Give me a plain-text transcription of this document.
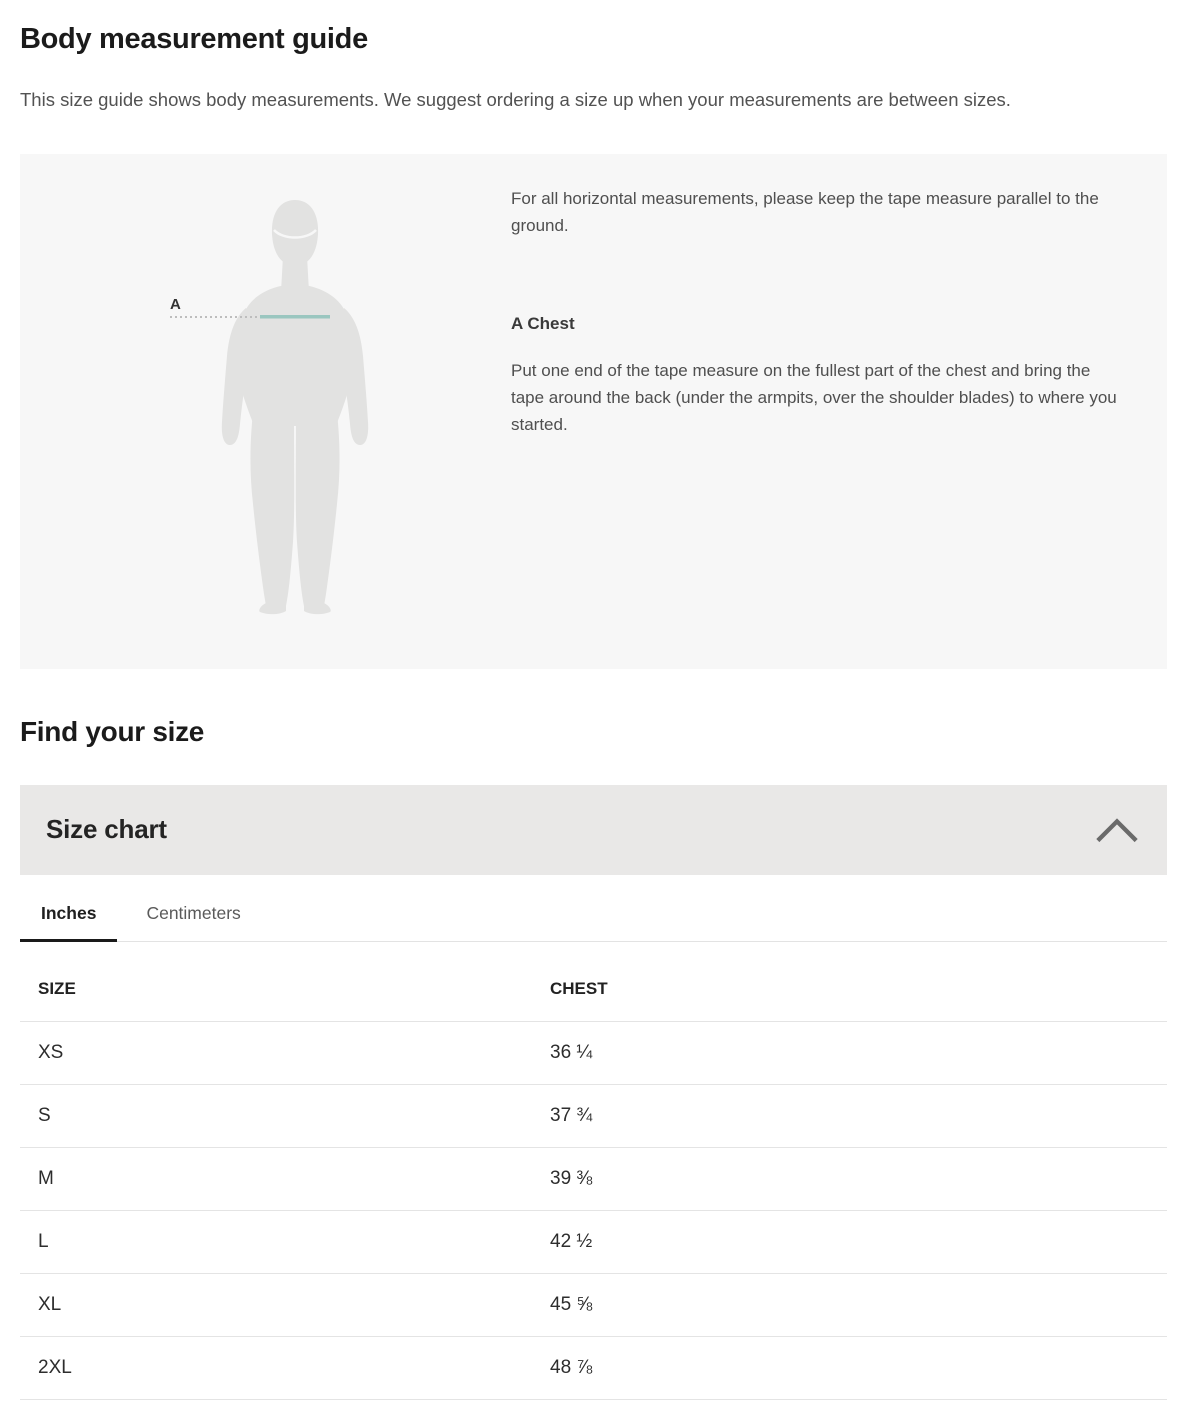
Body measurement guide

This size guide shows body measurements. We suggest ordering a size up when your measurements are between sizes.

A

For all horizontal measurements, please keep the tape measure parallel to the ground.

A Chest

Put one end of the tape measure on the fullest part of the chest and bring the tape around the back (under the armpits, over the shoulder blades) to where you started.

Find your size
Size chart
Inches	Centimeters
SIZE	CHEST
XS	36 ¼
S	37 ¾
M	39 ⅜
L	42 ½
XL	45 ⅝
2XL	48 ⅞
